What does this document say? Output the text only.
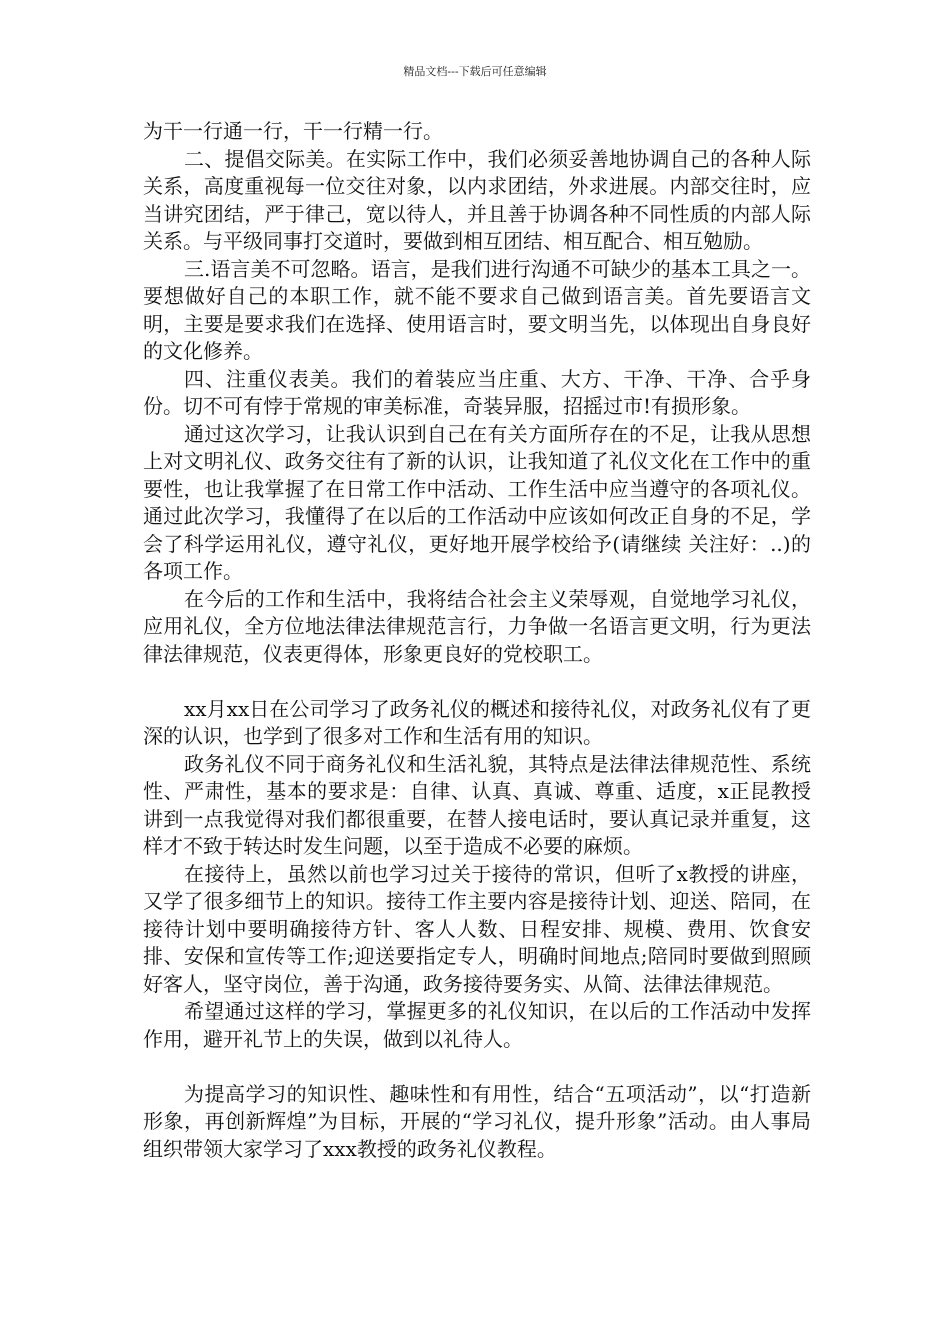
精品文档---下载后可任意编辑

为干一行通一行，干一行精一行。

二、提倡交际美。在实际工作中，我们必须妥善地协调自己的各种人际关系，高度重视每一位交往对象，以内求团结，外求进展。内部交往时，应当讲究团结，严于律己，宽以待人，并且善于协调各种不同性质的内部人际关系。与平级同事打交道时，要做到相互团结、相互配合、相互勉励。

三.语言美不可忽略。语言，是我们进行沟通不可缺少的基本工具之一。要想做好自己的本职工作，就不能不要求自己做到语言美。首先要语言文明，主要是要求我们在选择、使用语言时，要文明当先，以体现出自身良好的文化修养。

四、注重仪表美。我们的着装应当庄重、大方、干净、干净、合乎身份。切不可有悖于常规的审美标准，奇装异服，招摇过市!有损形象。

通过这次学习，让我认识到自己在有关方面所存在的不足，让我从思想上对文明礼仪、政务交往有了新的认识，让我知道了礼仪文化在工作中的重要性，也让我掌握了在日常工作中活动、工作生活中应当遵守的各项礼仪。通过此次学习，我懂得了在以后的工作活动中应该如何改正自身的不足，学会了科学运用礼仪，遵守礼仪，更好地开展学校给予(请继续 关注好：..)的各项工作。

在今后的工作和生活中，我将结合社会主义荣辱观，自觉地学习礼仪，应用礼仪，全方位地法律法律规范言行，力争做一名语言更文明，行为更法律法律规范，仪表更得体，形象更良好的党校职工。

xx月xx日在公司学习了政务礼仪的概述和接待礼仪，对政务礼仪有了更深的认识，也学到了很多对工作和生活有用的知识。

政务礼仪不同于商务礼仪和生活礼貌，其特点是法律法律规范性、系统性、严肃性，基本的要求是：自律、认真、真诚、尊重、适度，x正昆教授讲到一点我觉得对我们都很重要，在替人接电话时，要认真记录并重复，这样才不致于转达时发生问题，以至于造成不必要的麻烦。

在接待上，虽然以前也学习过关于接待的常识，但听了x教授的讲座，又学了很多细节上的知识。接待工作主要内容是接待计划、迎送、陪同，在接待计划中要明确接待方针、客人人数、日程安排、规模、费用、饮食安排、安保和宣传等工作;迎送要指定专人，明确时间地点;陪同时要做到照顾好客人，坚守岗位，善于沟通，政务接待要务实、从简、法律法律规范。

希望通过这样的学习，掌握更多的礼仪知识，在以后的工作活动中发挥作用，避开礼节上的失误，做到以礼待人。

为提高学习的知识性、趣味性和有用性，结合“五项活动”，以“打造新形象，再创新辉煌”为目标，开展的“学习礼仪，提升形象”活动。由人事局组织带领大家学习了xxx教授的政务礼仪教程。
